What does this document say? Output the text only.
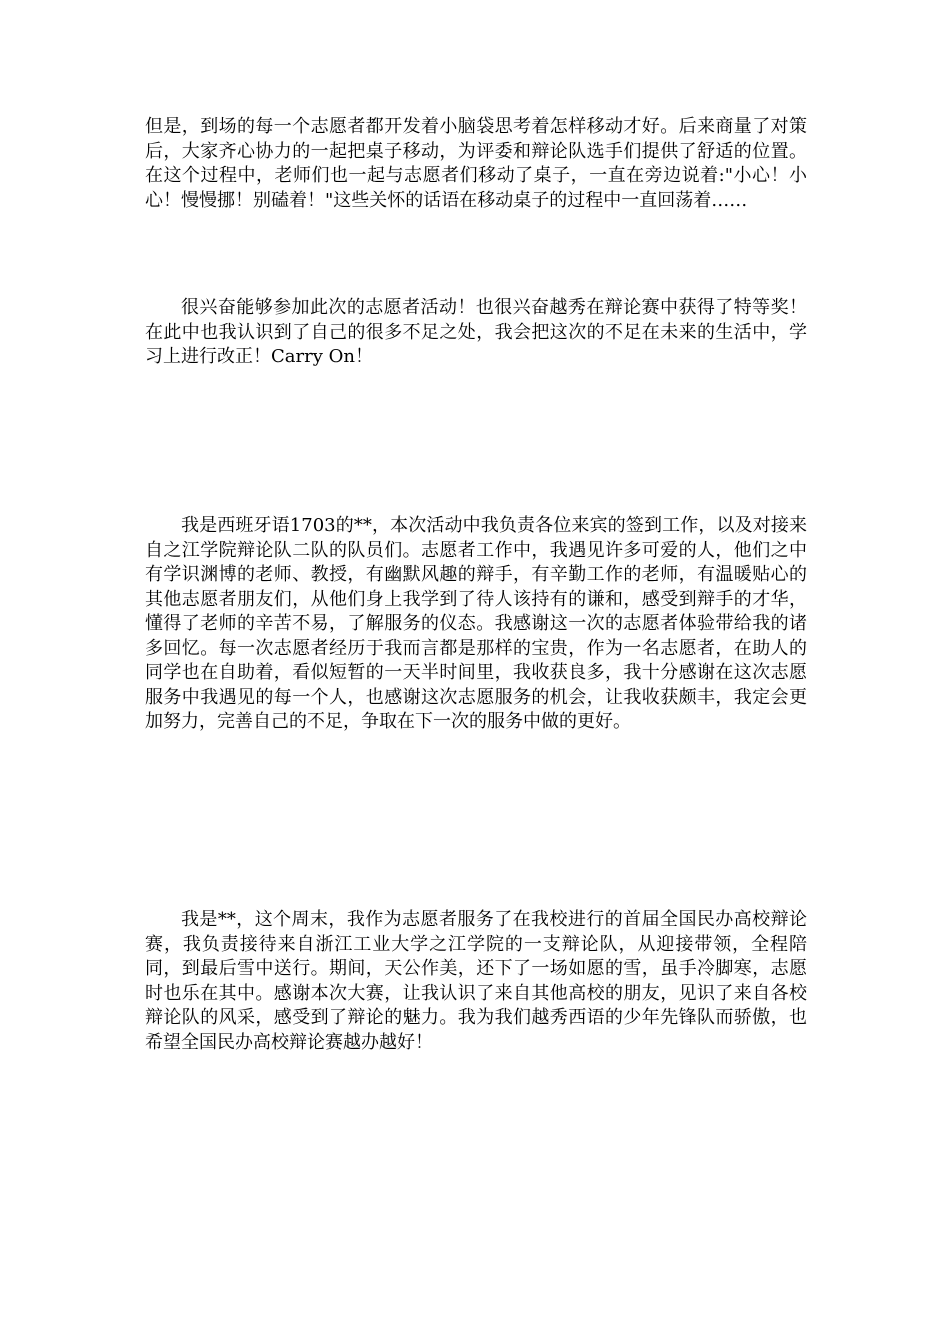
但是，到场的每一个志愿者都开发着小脑袋思考着怎样移动才好。后来商量了对策后，大家齐心协力的一起把桌子移动，为评委和辩论队选手们提供了舒适的位置。在这个过程中，老师们也一起与志愿者们移动了桌子，一直在旁边说着:"小心！小心！慢慢挪！别磕着！"这些关怀的话语在移动桌子的过程中一直回荡着……

很兴奋能够参加此次的志愿者活动！也很兴奋越秀在辩论赛中获得了特等奖！在此中也我认识到了自己的很多不足之处，我会把这次的不足在未来的生活中，学习上进行改正！Carry On！

我是西班牙语1703的**，本次活动中我负责各位来宾的签到工作，以及对接来自之江学院辩论队二队的队员们。志愿者工作中，我遇见许多可爱的人，他们之中有学识渊博的老师、教授，有幽默风趣的辩手，有辛勤工作的老师，有温暖贴心的其他志愿者朋友们，从他们身上我学到了待人该持有的谦和，感受到辩手的才华，懂得了老师的辛苦不易，了解服务的仪态。我感谢这一次的志愿者体验带给我的诸多回忆。每一次志愿者经历于我而言都是那样的宝贵，作为一名志愿者，在助人的同学也在自助着，看似短暂的一天半时间里，我收获良多，我十分感谢在这次志愿服务中我遇见的每一个人，也感谢这次志愿服务的机会，让我收获颇丰，我定会更加努力，完善自己的不足，争取在下一次的服务中做的更好。

我是**，这个周末，我作为志愿者服务了在我校进行的首届全国民办高校辩论赛，我负责接待来自浙江工业大学之江学院的一支辩论队，从迎接带领，全程陪同，到最后雪中送行。期间，天公作美，还下了一场如愿的雪，虽手冷脚寒，志愿时也乐在其中。感谢本次大赛，让我认识了来自其他高校的朋友，见识了来自各校辩论队的风采，感受到了辩论的魅力。我为我们越秀西语的少年先锋队而骄傲，也希望全国民办高校辩论赛越办越好！
